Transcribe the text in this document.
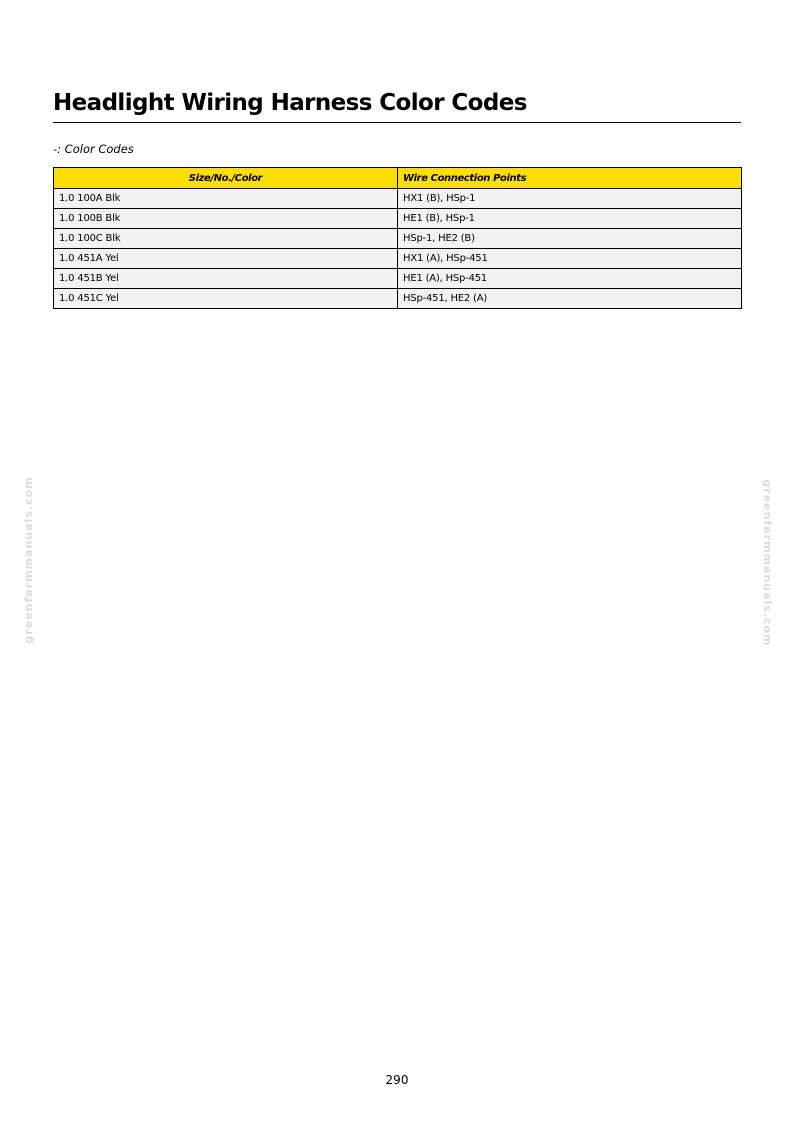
Headlight Wiring Harness Color Codes
-: Color Codes
Size/No./Color	Wire Connection Points
1.0 100A Blk	HX1 (B), HSp-1
1.0 100B Blk	HE1 (B), HSp-1
1.0 100C Blk	HSp-1, HE2 (B)
1.0 451A Yel	HX1 (A), HSp-451
1.0 451B Yel	HE1 (A), HSp-451
1.0 451C Yel	HSp-451, HE2 (A)
greenfarmmanuals.com	greenfarmmanuals.com
290
